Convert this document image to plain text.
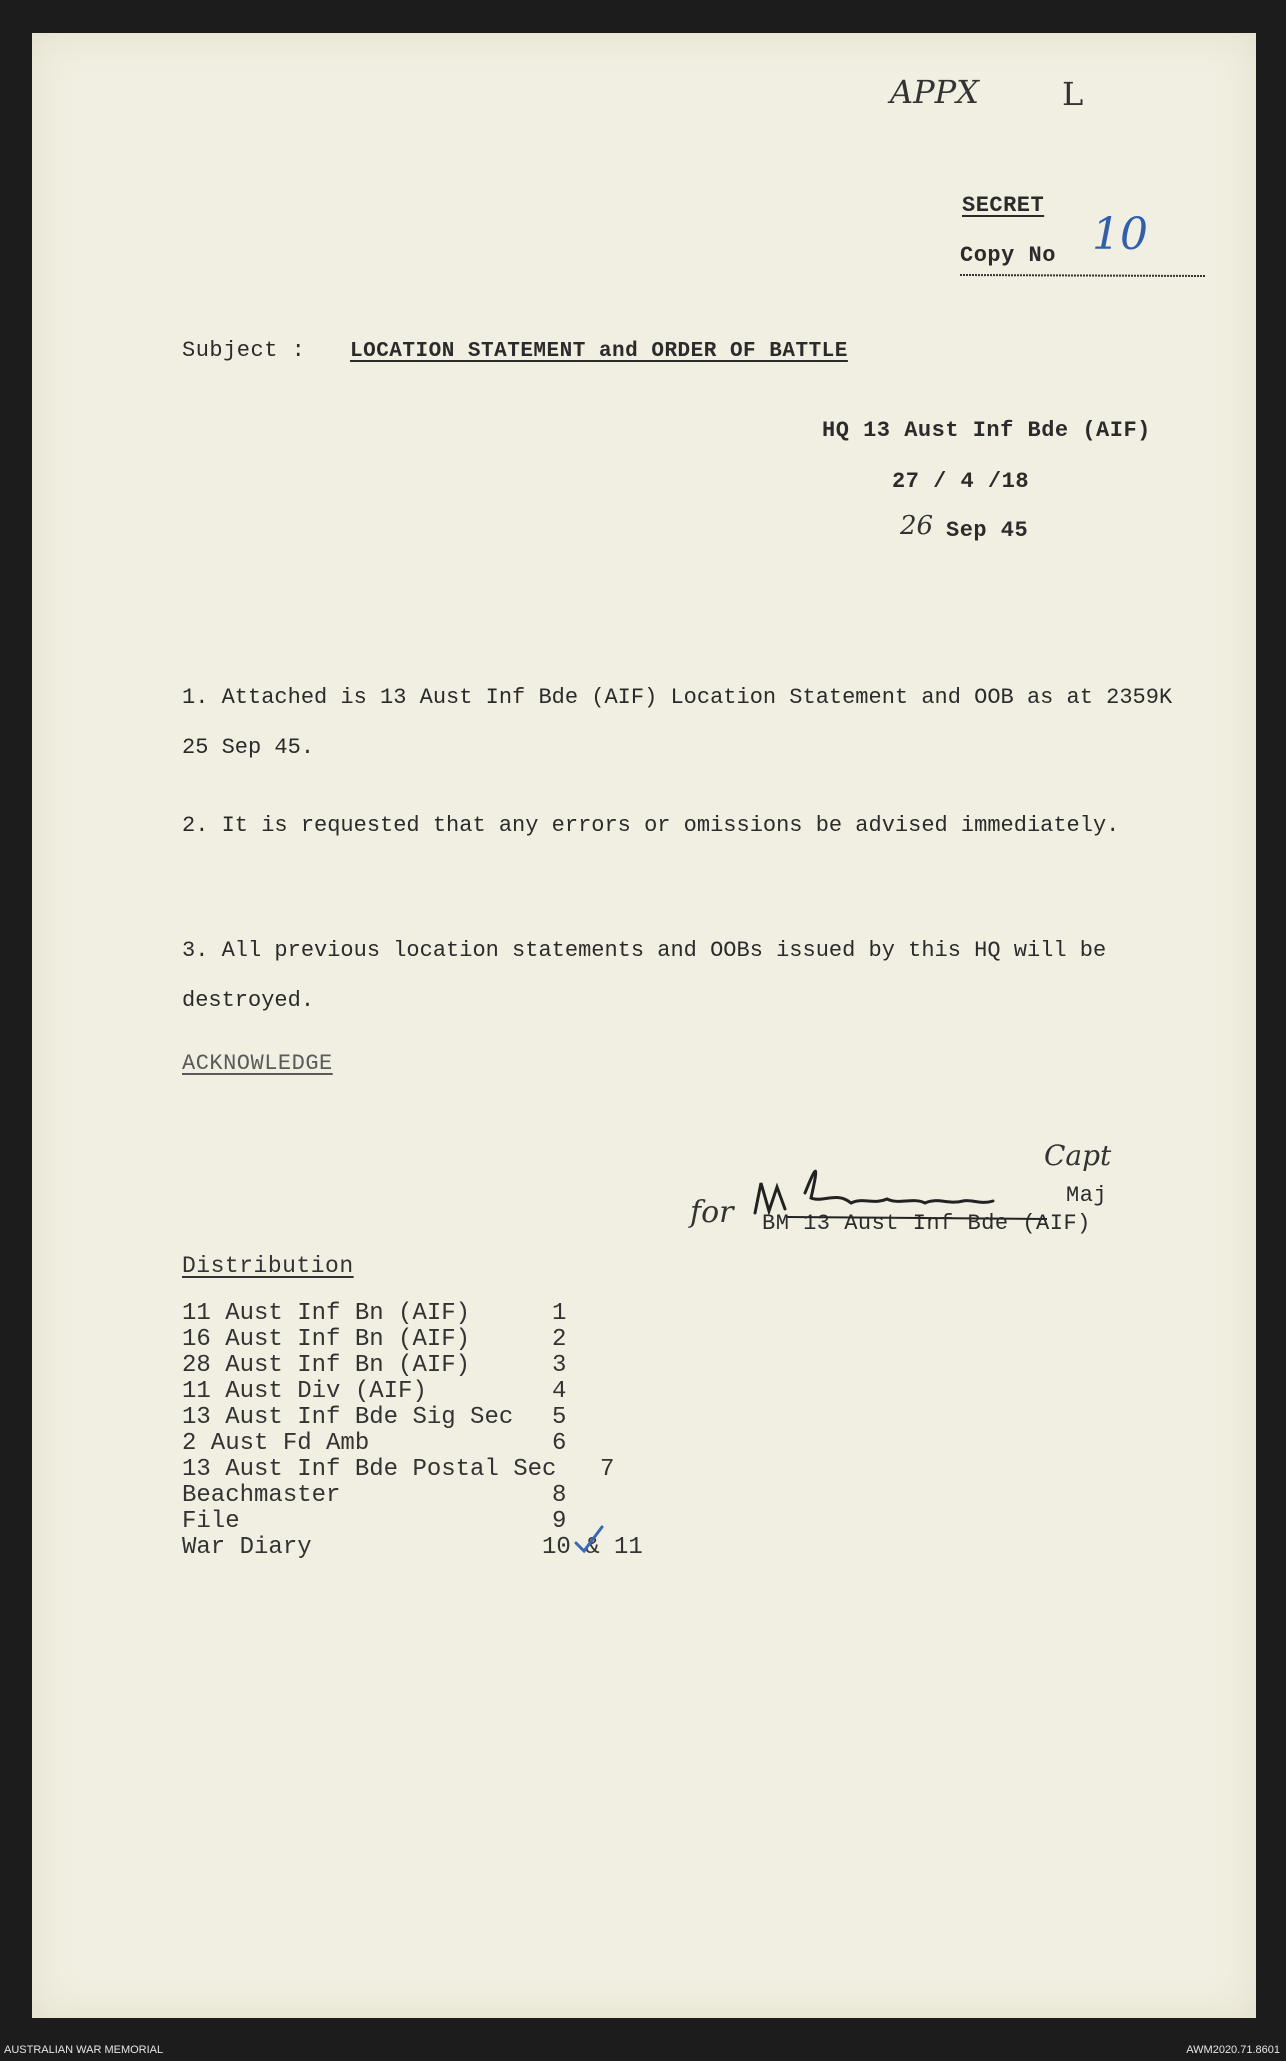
APPX	L
SECRET
Copy No 10
Subject : LOCATION STATEMENT and ORDER OF BATTLE
HQ 13 Aust Inf Bde (AIF)
27 / 4 /18
26 Sep 45
1. Attached is 13 Aust Inf Bde (AIF) Location Statement and OOB as at 2359K 25 Sep 45.
2. It is requested that any errors or omissions be advised immediately.
3. All previous location statements and OOBs issued by this HQ will be destroyed.
ACKNOWLEDGE
for
Capt
Maj
BM 13 Aust Inf Bde (AIF)
Distribution
11 Aust Inf Bn (AIF)	1
16 Aust Inf Bn (AIF)	2
28 Aust Inf Bn (AIF)	3
11 Aust Div (AIF)	4
13 Aust Inf Bde Sig Sec 5
2 Aust Fd Amb	6
13 Aust Inf Bde Postal Sec 7
Beachmaster	8
File	9
War Diary	10 & 11
AUSTRALIAN WAR MEMORIAL	AWM2020.71.8601
